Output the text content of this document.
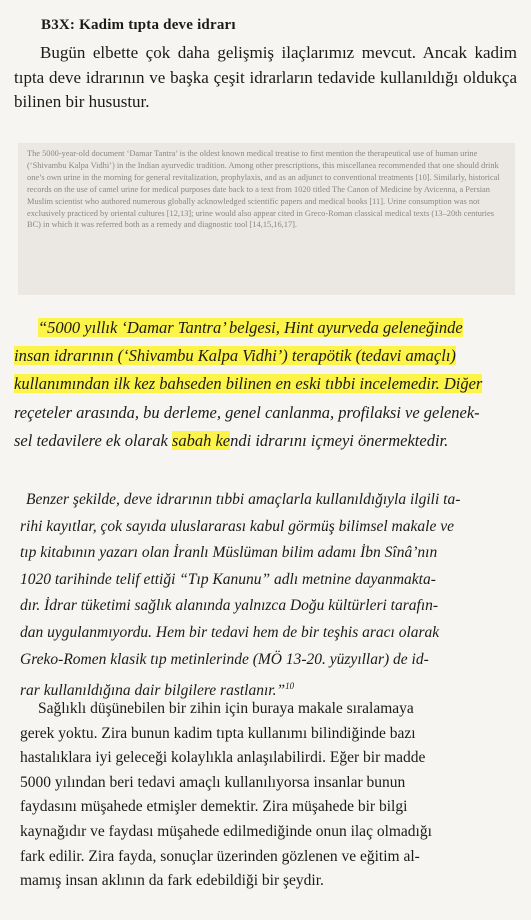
B3X: Kadim tıpta deve idrarı
Bugün elbette çok daha gelişmiş ilaçlarımız mevcut. Ancak kadim tıpta deve idrarının ve başka çeşit idrarların tedavide kullanıldığı oldukça bilinen bir husustur.
The 5000-year-old document ‘Damar Tantra’ is the oldest known medical treatise to first mention the therapeutical use of human urine (‘Shivambu Kalpa Vidhi’) in the Indian ayurvedic tradition. Among other prescriptions, this miscellanea recommended that one should drink one’s own urine in the morning for general revitalization, prophylaxis, and as an adjunct to conventional treatments [10]. Similarly, historical records on the use of camel urine for medical purposes date back to a text from 1020 titled The Canon of Medicine by Avicenna, a Persian Muslim scientist who authored numerous globally acknowledged scientific papers and medical books [11]. Urine consumption was not exclusively practiced by oriental cultures [12,13]; urine would also appear cited in Greco-Roman classical medical texts (13–20th centuries BC) in which it was referred both as a remedy and diagnostic tool [14,15,16,17].
“5000 yıllık ‘Damar Tantra’ belgesi, Hint ayurveda geleneğinde
insan idrarının (‘Shivambu Kalpa Vidhi’) terapötik (tedavi amaçlı)
kullanımından ilk kez bahseden bilinen en eski tıbbi incelemedir. Diğer
reçeteler arasında, bu derleme, genel canlanma, profilaksi ve gelenek-
sel tedavilere ek olarak sabah kendi idrarını içmeyi önermektedir.
Benzer şekilde, deve idrarının tıbbi amaçlarla kullanıldığıyla ilgili ta-
rihi kayıtlar, çok sayıda uluslararası kabul görmüş bilimsel makale ve
tıp kitabının yazarı olan İranlı Müslüman bilim adamı İbn Sînâ’nın
1020 tarihinde telif ettiği “Tıp Kanunu” adlı metnine dayanmakta-
dır. İdrar tüketimi sağlık alanında yalnızca Doğu kültürleri tarafın-
dan uygulanmıyordu. Hem bir tedavi hem de bir teşhis aracı olarak
Greko-Romen klasik tıp metinlerinde (MÖ 13-20. yüzyıllar) de id-
rar kullanıldığına dair bilgilere rastlanır.”$^{10}$
Sağlıklı düşünebilen bir zihin için buraya makale sıralamaya
gerek yoktu. Zira bunun kadim tıpta kullanımı bilindiğinde bazı
hastalıklara iyi geleceği kolaylıkla anlaşılabilirdi. Eğer bir madde
5000 yılından beri tedavi amaçlı kullanılıyorsa insanlar bunun
faydasını müşahede etmişler demektir. Zira müşahede bir bilgi
kaynağıdır ve faydası müşahede edilmediğinde onun ilaç olmadığı
fark edilir. Zira fayda, sonuçlar üzerinden gözlenen ve eğitim al-
mamış insan aklının da fark edebildiği bir şeydir.
